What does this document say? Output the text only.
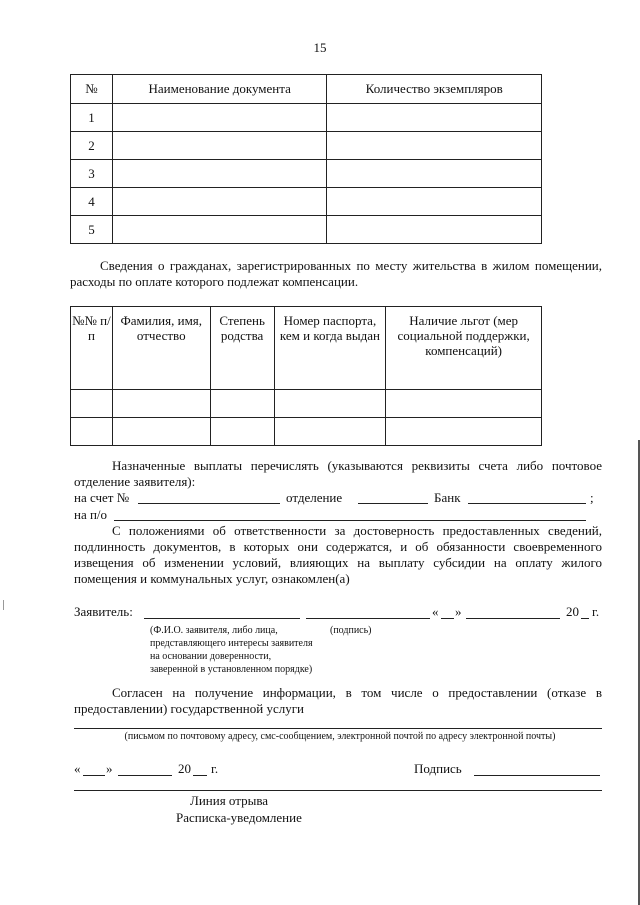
15
№	Наименование документа	Количество экземпляров
1		
2		
3		
4		
5		
Сведения о гражданах, зарегистрированных по месту жительства в жилом помещении, расходы по оплате которого подлежат компенсации.
№№ п/п	Фамилия, имя, отчество	Степень родства	Номер паспорта, кем и когда выдан	Наличие льгот (мер социальной поддержки, компенсаций)

Назначенные выплаты перечислять (указываются реквизиты счета либо почтовое отделение заявителя):
на счет №	отделение	Банк	;
на п/о
С положениями об ответственности за достоверность предоставленных сведений, подлинность документов, в которых они содержатся, и об обязанности своевременного извещения об изменении условий, влияющих на выплату субсидии на оплату жилого помещения и коммунальных услуг, ознакомлен(а)
Заявитель:	« »	20 г.
(Ф.И.О. заявителя, либо лица, представляющего интересы заявителя на основании доверенности, заверенной в установленном порядке)
(подпись)
Согласен на получение информации, в том числе о предоставлении (отказе в предоставлении) государственной услуги
(письмом по почтовому адресу, смс-сообщением, электронной почтой по адресу электронной почты)
« »	20 г.	Подпись
Линия отрыва
Расписка-уведомление
